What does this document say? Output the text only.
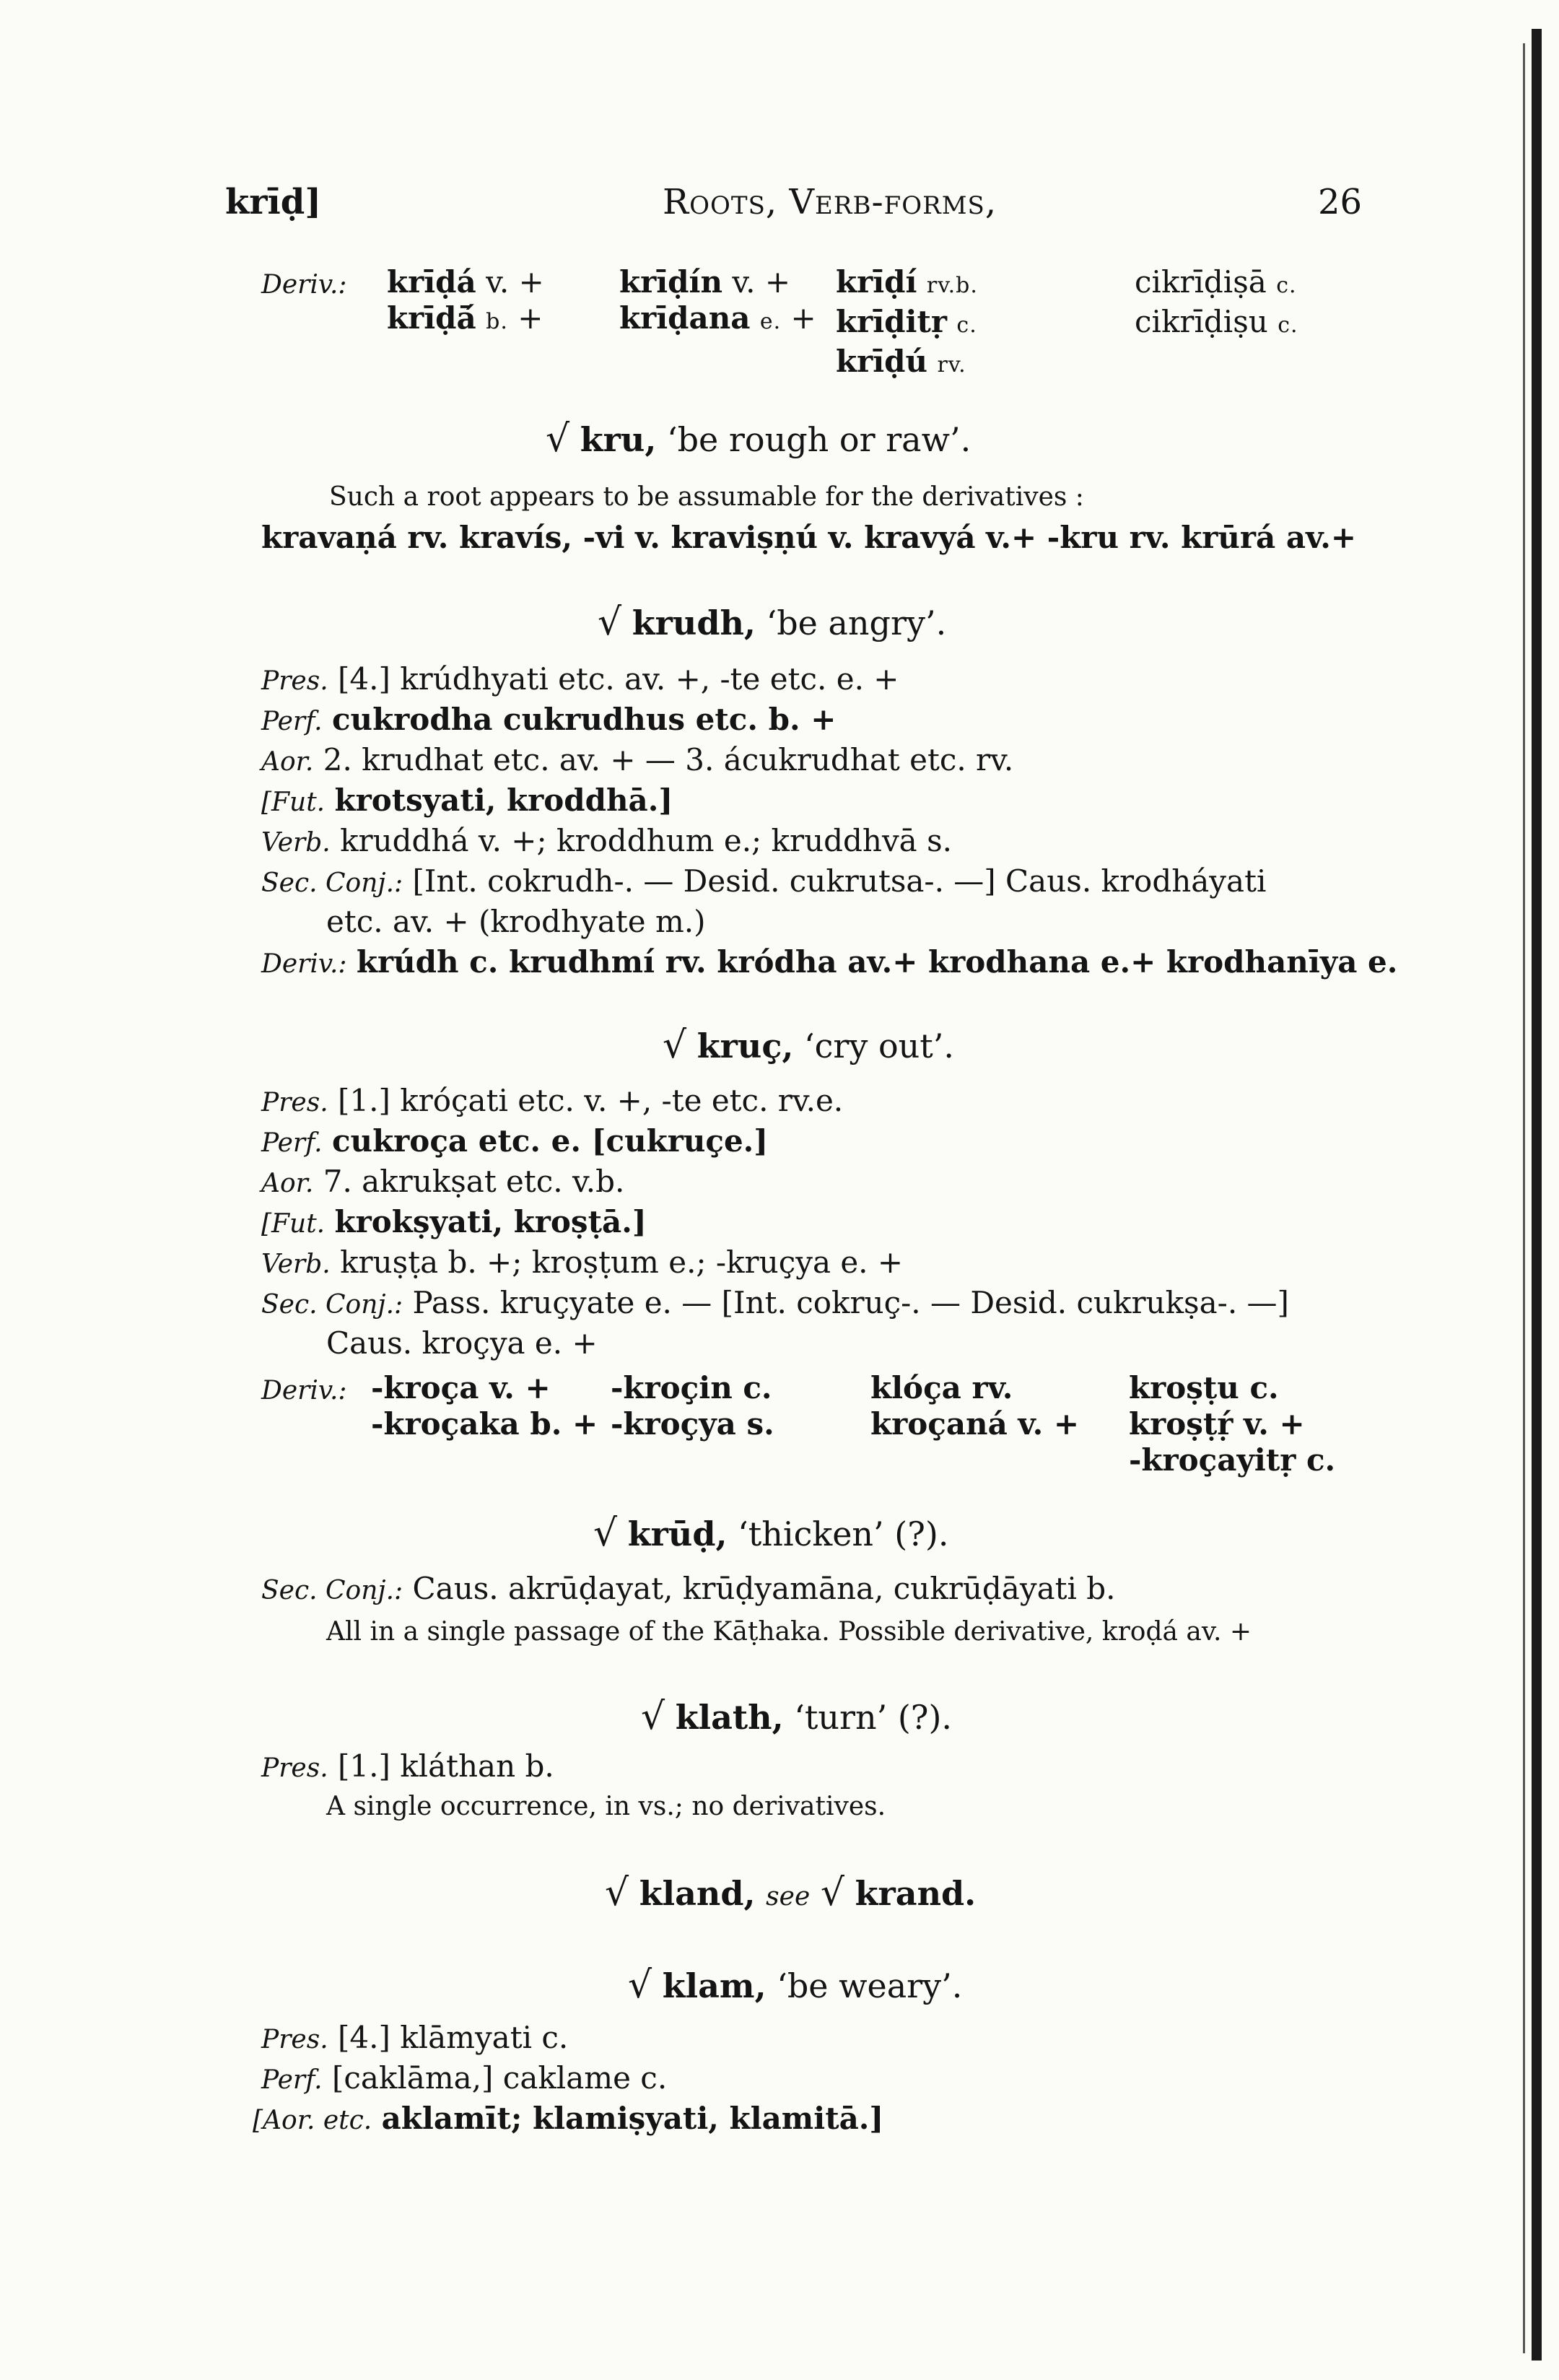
krīḍ]	Roots, Verb-forms,	26
Deriv.: krīḍá v. +
krīḍā́ b. +
krīḍín v. +
krīḍana e. +
krīḍí rv.b.
krīḍitṛ c.
krīḍú rv.
cikrīḍiṣā c.
cikrīḍiṣu c.
√ kru, ‘be rough or raw’.
Such a root appears to be assumable for the derivatives :
kravaṇá rv. kravís, -vi v. kraviṣṇú v. kravyá v.+ -kru rv. krūrá av.+
√ krudh, ‘be angry’.
Pres. [4.] krúdhyati etc. av. +, -te etc. e. +
Perf. cukrodha cukrudhus etc. b. +
Aor. 2. krudhat etc. av. + — 3. ácukrudhat etc. rv.
[Fut. krotsyati, kroddhā.]
Verb. kruddhá v. +; kroddhum e.; kruddhvā s.
Sec. Conj.: [Int. cokrudh-. — Desid. cukrutsa-. —] Caus. krodháyati
etc. av. + (krodhyate m.)
Deriv.: krúdh c. krudhmí rv. kródha av.+ krodhana e.+ krodhanīya e.
√ kruç, ‘cry out’.
Pres. [1.] króçati etc. v. +, -te etc. rv.e.
Perf. cukroça etc. e. [cukruçe.]
Aor. 7. akrukṣat etc. v.b.
[Fut. krokṣyati, kroṣṭā.]
Verb. kruṣṭa b. +; kroṣṭum e.; -kruçya e. +
Sec. Conj.: Pass. kruçyate e. — [Int. cokruç-. — Desid. cukrukṣa-. —]
Caus. kroçya e. +
Deriv.: -kroça v. +
-kroçaka b. +
-kroçin c.
-kroçya s.
klóça rv.
kroçaná v. +
kroṣṭu c.
kroṣṭṛ́ v. +
-kroçayitṛ c.
√ krūḍ, ‘thicken’ (?).
Sec. Conj.: Caus. akrūḍayat, krūḍyamāna, cukrūḍāyati b.
All in a single passage of the Kāṭhaka. Possible derivative, kroḍá av. +
√ klath, ‘turn’ (?).
Pres. [1.] kláthan b.
A single occurrence, in vs.; no derivatives.
√ kland, see √ krand.
√ klam, ‘be weary’.
Pres. [4.] klāmyati c.
Perf. [caklāma,] caklame c.
[Aor. etc. aklamīt; klamiṣyati, klamitā.]
